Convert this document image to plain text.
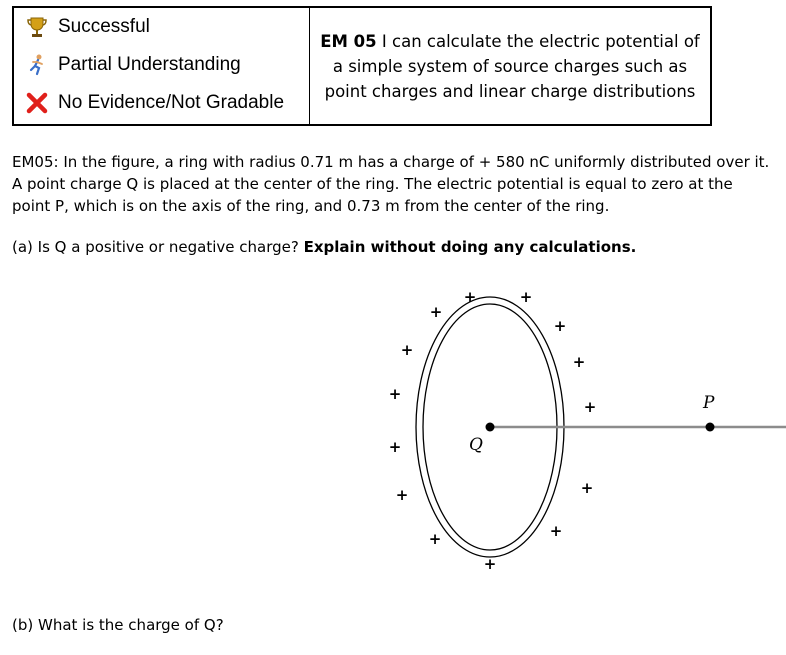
Successful
Partial Understanding
No Evidence/Not Gradable
EM 05 I can calculate the electric potential of a simple system of source charges such as point charges and linear charge distributions
EM05: In the figure, a ring with radius 0.71 m has a charge of + 580 nC uniformly distributed over it. A point charge Q is placed at the center of the ring. The electric potential is equal to zero at the point P, which is on the axis of the ring, and 0.73 m from the center of the ring.
(a) Is Q a positive or negative charge? Explain without doing any calculations.
Q
P
+	+
+
+
+
+
+
+
+
+
+
+
+
+
(b) What is the charge of Q?
